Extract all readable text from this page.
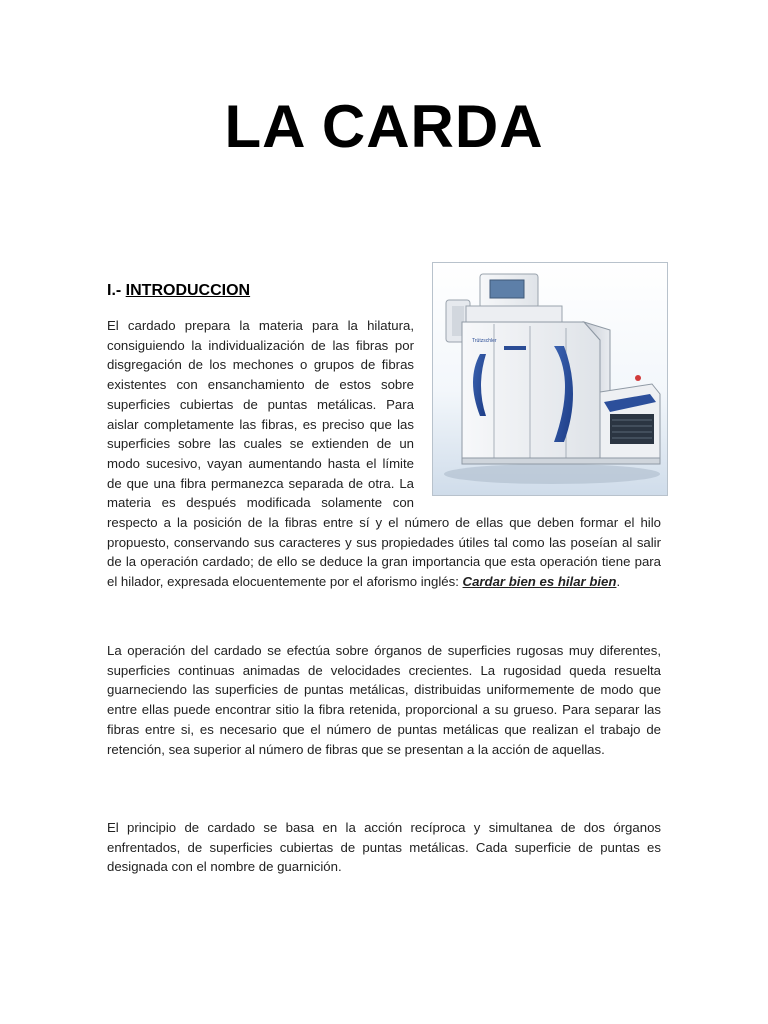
LA CARDA
I.- INTRODUCCION
Trützschler

El cardado prepara la materia para la hilatura, consiguiendo la individualización de las fibras por disgregación de los mechones o grupos de fibras existentes con ensanchamiento de estos sobre superficies cubiertas de puntas metálicas. Para aislar completamente las fibras, es preciso que las superficies sobre las cuales se extienden de un modo sucesivo, vayan aumentando hasta el límite de que una fibra permanezca separada de otra. La materia es después modificada solamente con respecto a la posición de la fibras entre sí y el número de ellas que deben formar el hilo propuesto, conservando sus caracteres y sus propiedades útiles tal como las poseían al salir de la operación cardado; de ello se deduce la gran importancia que esta operación tiene para el hilador, expresada elocuentemente por el aforismo inglés: Cardar bien es hilar bien.

La operación del cardado se efectúa sobre órganos de superficies rugosas muy diferentes, superficies continuas animadas de velocidades crecientes. La rugosidad queda resuelta guarneciendo las superficies de puntas metálicas, distribuidas uniformemente de modo que entre ellas puede encontrar sitio la fibra retenida, proporcional a su grueso. Para separar las fibras entre si, es necesario que el número de puntas metálicas que realizan el trabajo de retención, sea superior al número de fibras que se presentan a la acción de aquellas.

El principio de cardado se basa en la acción recíproca y simultanea de dos órganos enfrentados, de superficies cubiertas de puntas metálicas. Cada superficie de puntas es designada con el nombre de guarnición.
